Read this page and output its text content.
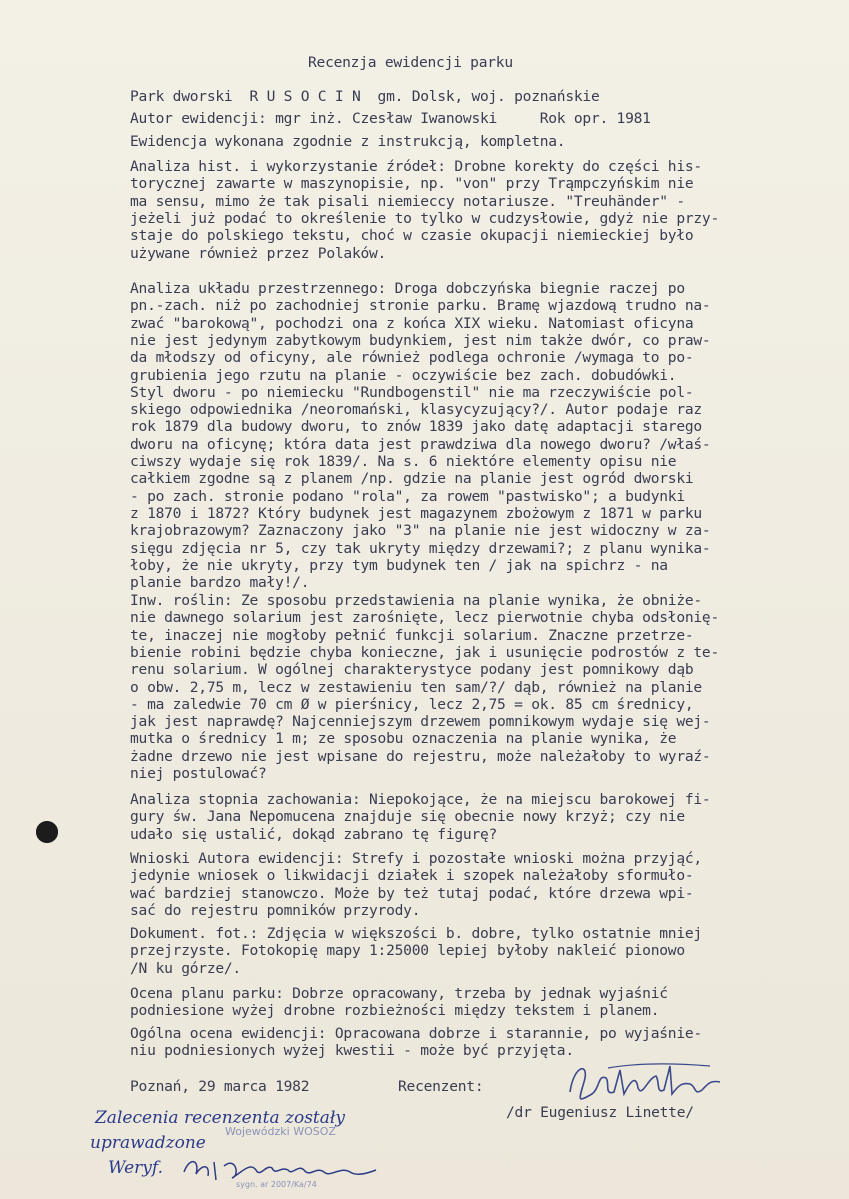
Recenzja ewidencji parku
Park dworski  R U S O C I N  gm. Dolsk, woj. poznańskie
Autor ewidencji: mgr inż. Czesław Iwanowski     Rok opr. 1981
Ewidencja wykonana zgodnie z instrukcją, kompletna.
Analiza hist. i wykorzystanie źródeł: Drobne korekty do części his-
torycznej zawarte w maszynopisie, np. "von" przy Trąmpczyńskim nie
ma sensu, mimo że tak pisali niemieccy notariusze. "Treuhänder" -
jeżeli już podać to określenie to tylko w cudzysłowie, gdyż nie przy-
staje do polskiego tekstu, choć w czasie okupacji niemieckiej było
używane również przez Polaków.
Analiza układu przestrzennego: Droga dobczyńska biegnie raczej po
pn.-zach. niż po zachodniej stronie parku. Bramę wjazdową trudno na-
zwać "barokową", pochodzi ona z końca XIX wieku. Natomiast oficyna
nie jest jedynym zabytkowym budynkiem, jest nim także dwór, co praw-
da młodszy od oficyny, ale również podlega ochronie /wymaga to po-
grubienia jego rzutu na planie - oczywiście bez zach. dobudówki.
Styl dworu - po niemiecku "Rundbogenstil" nie ma rzeczywiście pol-
skiego odpowiednika /neoromański, klasycyzujący?/. Autor podaje raz
rok 1879 dla budowy dworu, to znów 1839 jako datę adaptacji starego
dworu na oficynę; która data jest prawdziwa dla nowego dworu? /właś-
ciwszy wydaje się rok 1839/. Na s. 6 niektóre elementy opisu nie
całkiem zgodne są z planem /np. gdzie na planie jest ogród dworski
- po zach. stronie podano "rola", za rowem "pastwisko"; a budynki
z 1870 i 1872? Który budynek jest magazynem zbożowym z 1871 w parku
krajobrazowym? Zaznaczony jako "3" na planie nie jest widoczny w za-
sięgu zdjęcia nr 5, czy tak ukryty między drzewami?; z planu wynika-
łoby, że nie ukryty, przy tym budynek ten / jak na spichrz - na
planie bardzo mały!/.
Inw. roślin: Ze sposobu przedstawienia na planie wynika, że obniże-
nie dawnego solarium jest zarośnięte, lecz pierwotnie chyba odsłonię-
te, inaczej nie mogłoby pełnić funkcji solarium. Znaczne przetrze-
bienie robini będzie chyba konieczne, jak i usunięcie podrostów z te-
renu solarium. W ogólnej charakterystyce podany jest pomnikowy dąb
o obw. 2,75 m, lecz w zestawieniu ten sam/?/ dąb, również na planie
- ma zaledwie 70 cm Ø w pierśnicy, lecz 2,75 = ok. 85 cm średnicy,
jak jest naprawdę? Najcenniejszym drzewem pomnikowym wydaje się wej-
mutka o średnicy 1 m; ze sposobu oznaczenia na planie wynika, że
żadne drzewo nie jest wpisane do rejestru, może należałoby to wyraź-
niej postulować?
Analiza stopnia zachowania: Niepokojące, że na miejscu barokowej fi-
gury św. Jana Nepomucena znajduje się obecnie nowy krzyż; czy nie
udało się ustalić, dokąd zabrano tę figurę?
Wnioski Autora ewidencji: Strefy i pozostałe wnioski można przyjąć,
jedynie wniosek o likwidacji działek i szopek należałoby sformuło-
wać bardziej stanowczo. Może by też tutaj podać, które drzewa wpi-
sać do rejestru pomników przyrody.
Dokument. fot.: Zdjęcia w większości b. dobre, tylko ostatnie mniej
przejrzyste. Fotokopię mapy 1:25000 lepiej byłoby nakleić pionowo
/N ku górze/.
Ocena planu parku: Dobrze opracowany, trzeba by jednak wyjaśnić
podniesione wyżej drobne rozbieżności między tekstem i planem.
Ogólna ocena ewidencji: Opracowana dobrze i starannie, po wyjaśnie-
niu podniesionych wyżej kwestii - może być przyjęta.
Poznań, 29 marca 1982	Recenzent:
/dr Eugeniusz Linette/
Zalecenia recenzenta zostały
uprawadzone
Weryf.
Wojewódzki WOSOZ
sygn. ar 2007/Ka/74
